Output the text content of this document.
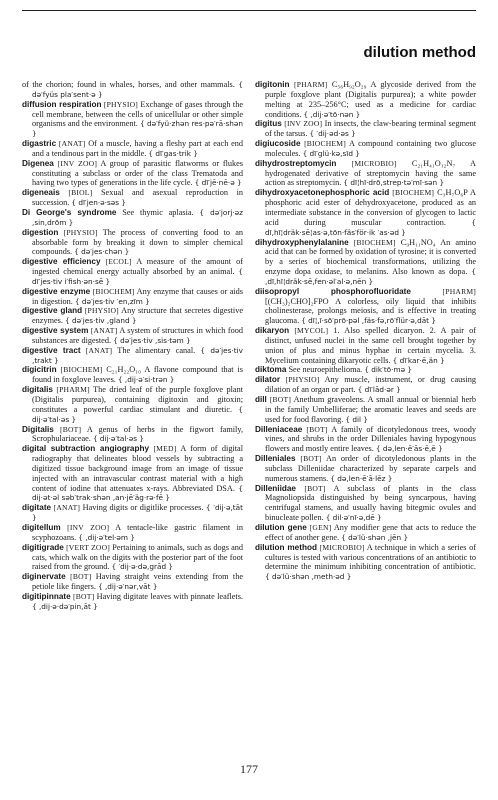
dilution method

of the chorion; found in whales, horses, and other mammals. { də′fyüs pla′sent·ə }

diffusion respiration [PHYSIO] Exchange of gases through the cell membrane, between the cells of unicellular or other simple organisms and the environment. { də′fyü·zhən res·pə′rā·shən }

digastric [ANAT] Of a muscle, having a fleshy part at each end and a tendinous part in the middle. { dī′gas·trik }

Digenea [INV ZOO] A group of parasitic flatworms or flukes constituting a subclass or order of the class Trematoda and having two types of generations in the life cycle. { dī′jē·nē·ə }

digeneais [BIOL] Sexual and asexual reproduction in succession. { dī′jen·ə·səs }

Di George's syndrome See thymic aplasia. { də′jorj·əz ,sin,drōm }

digestion [PHYSIO] The process of converting food to an absorbable form by breaking it down to simpler chemical compounds. { də′jes·chən }

digestive efficiency [ECOL] A measure of the amount of ingested chemical energy actually absorbed by an animal. { dī′jes·tiv i′fish·ən·sē }

digestive enzyme [BIOCHEM] Any enzyme that causes or aids in digestion. { də′jes·tiv ′en,zīm }

digestive gland [PHYSIO] Any structure that secretes digestive enzymes. { də′jes·tiv ,gland }

digestive system [ANAT] A system of structures in which food substances are digested. { də′jes·tiv ,sis·təm }

digestive tract [ANAT] The alimentary canal. { də′jes·tiv ,trakt }

digicitrin [BIOCHEM] C₂₁H₂₂O₁₀ A flavone compound that is found in foxglove leaves. { ,dij·ə′si·trən }

digitalis [PHARM] The dried leaf of the purple foxglove plant (Digitalis purpurea), containing digitoxin and gitoxin; constitutes a powerful cardiac stimulant and diuretic. { dij·ə′tal·əs }

Digitalis [BOT] A genus of herbs in the figwort family, Scrophulariaceae. { dij·ə′tal·əs }

digital subtraction angiography [MED] A form of digital radiography that delineates blood vessels by subtracting a digitized tissue background image from an image of tissue injected with an intravascular contrast material with a high content of iodine that attenuates x-rays. Abbreviated DSA. { dij·ət·əl səb′trak·shən ,an·jē′äg·rə·fē }

digitate [ANAT] Having digits or digitlike processes. { ′dij·ə,tāt }

digitellum [INV ZOO] A tentacle-like gastric filament in scyphozoans. { ,dij·ə′tel·əm }

digitigrade [VERT ZOO] Pertaining to animals, such as dogs and cats, which walk on the digits with the posterior part of the foot raised from the ground. { ′dij·ə·də,grād }

diginervate [BOT] Having straight veins extending from the petiole like fingers. { ,dij·ə′nər,vāt }

digitipinnate [BOT] Having digitate leaves with pinnate leaflets. { ,dij·ə·də′pin,āt }

digitonin [PHARM] C₅₆H₉₂O₂₉ A glycoside derived from the purple foxglove plant (Digitalis purpurea); a white powder melting at 235–256°C; used as a medicine for cardiac conditions. { ,dij·ə′tō·nən }

digitus [INV ZOO] In insects, the claw-bearing terminal segment of the tarsus. { ′dij·əd·əs }

digiucoside [BIOCHEM] A compound containing two glucose molecules. { dī′glü·kə,sīd }

dihydrostreptomycin [MICROBIO] C₂₁H₄₁O₁₂N₇ A hydrogenated derivative of streptomycin having the same action as streptomycin. { dī¦hī·drō,strep·tə′mī·sən }

dihydroxyacetonephosphoric acid [BIOCHEM] C₃H₇O₆P A phosphoric acid ester of dehydroxyacetone, produced as an intermediate substance in the conversion of glycogen to lactic acid during muscular contraction.	{ dī,hī¦dräk·sē¦as·ə,tōn·fäs′för·ik ′as·əd }

dihydroxyphenylalanine [BIOCHEM] C₉H₁₁NO₄ An amino acid that can be formed by oxidation of tyrosine; it is converted by a series of biochemical transformations, utilizing the enzyme dopa oxidase, to melanins. Also known as dopa. { ,dī,hī¦dräk·sē,fen·əl′al·ə,nēn }

diisopropyl phosphorofluoridate	[PHARM] [(CH₃)₂CHO]₂FPO A colorless, oily liquid that inhibits cholinesterase, prolongs meiosis, and is effective in treating glaucoma. { dī¦,ī·sō′prō·pəl ,fäs·fə,rō′flür·ə,dāt }

dikaryon [MYCOL] 1. Also spelled dicaryon. 2. A pair of distinct, unfused nuclei in the same cell brought together by union of plus and minus hyphae in certain mycelia. 3. Mycelium containing dikaryotic cells. { dī′kar·ē,än }

diktoma See neuroepithelioma. { dik′tō·mə }

dilator [PHYSIO] Any muscle, instrument, or drug causing dilation of an organ or part. { dī′lād·ər }

dill [BOT] Anethum graveolens. A small annual or biennial herb in the family Umbelliferae; the aromatic leaves and seeds are used for food flavoring. { dil }

Dilleniaceae [BOT] A family of dicotyledonous trees, woody vines, and shrubs in the order Dilleniales having hypogynous flowers and mostly entire leaves. { də,len·ē′ās·ē,ē }

Dilleniales [BOT] An order of dicotyledonous plants in the subclass Dilleniidae characterized by separate carpels and numerous stamens. { də,len·ē′ā·lēz }

Dilleniidae [BOT] A subclass of plants in the class Magnoliopsida distinguished by being syncarpous, having centrifugal stamens, and usually having bitegmic ovules and binucleate pollen. { dil·ə′nī·ə,dē }

dilution gene [GEN] Any modifier gene that acts to reduce the effect of another gene. { də′lü·shən ,jēn }

dilution method [MICROBIO] A technique in which a series of cultures is tested with various concentrations of an antibiotic to determine the minimum inhibiting concentration of antibiotic. { də′lü·shən ,meth·əd }

177
